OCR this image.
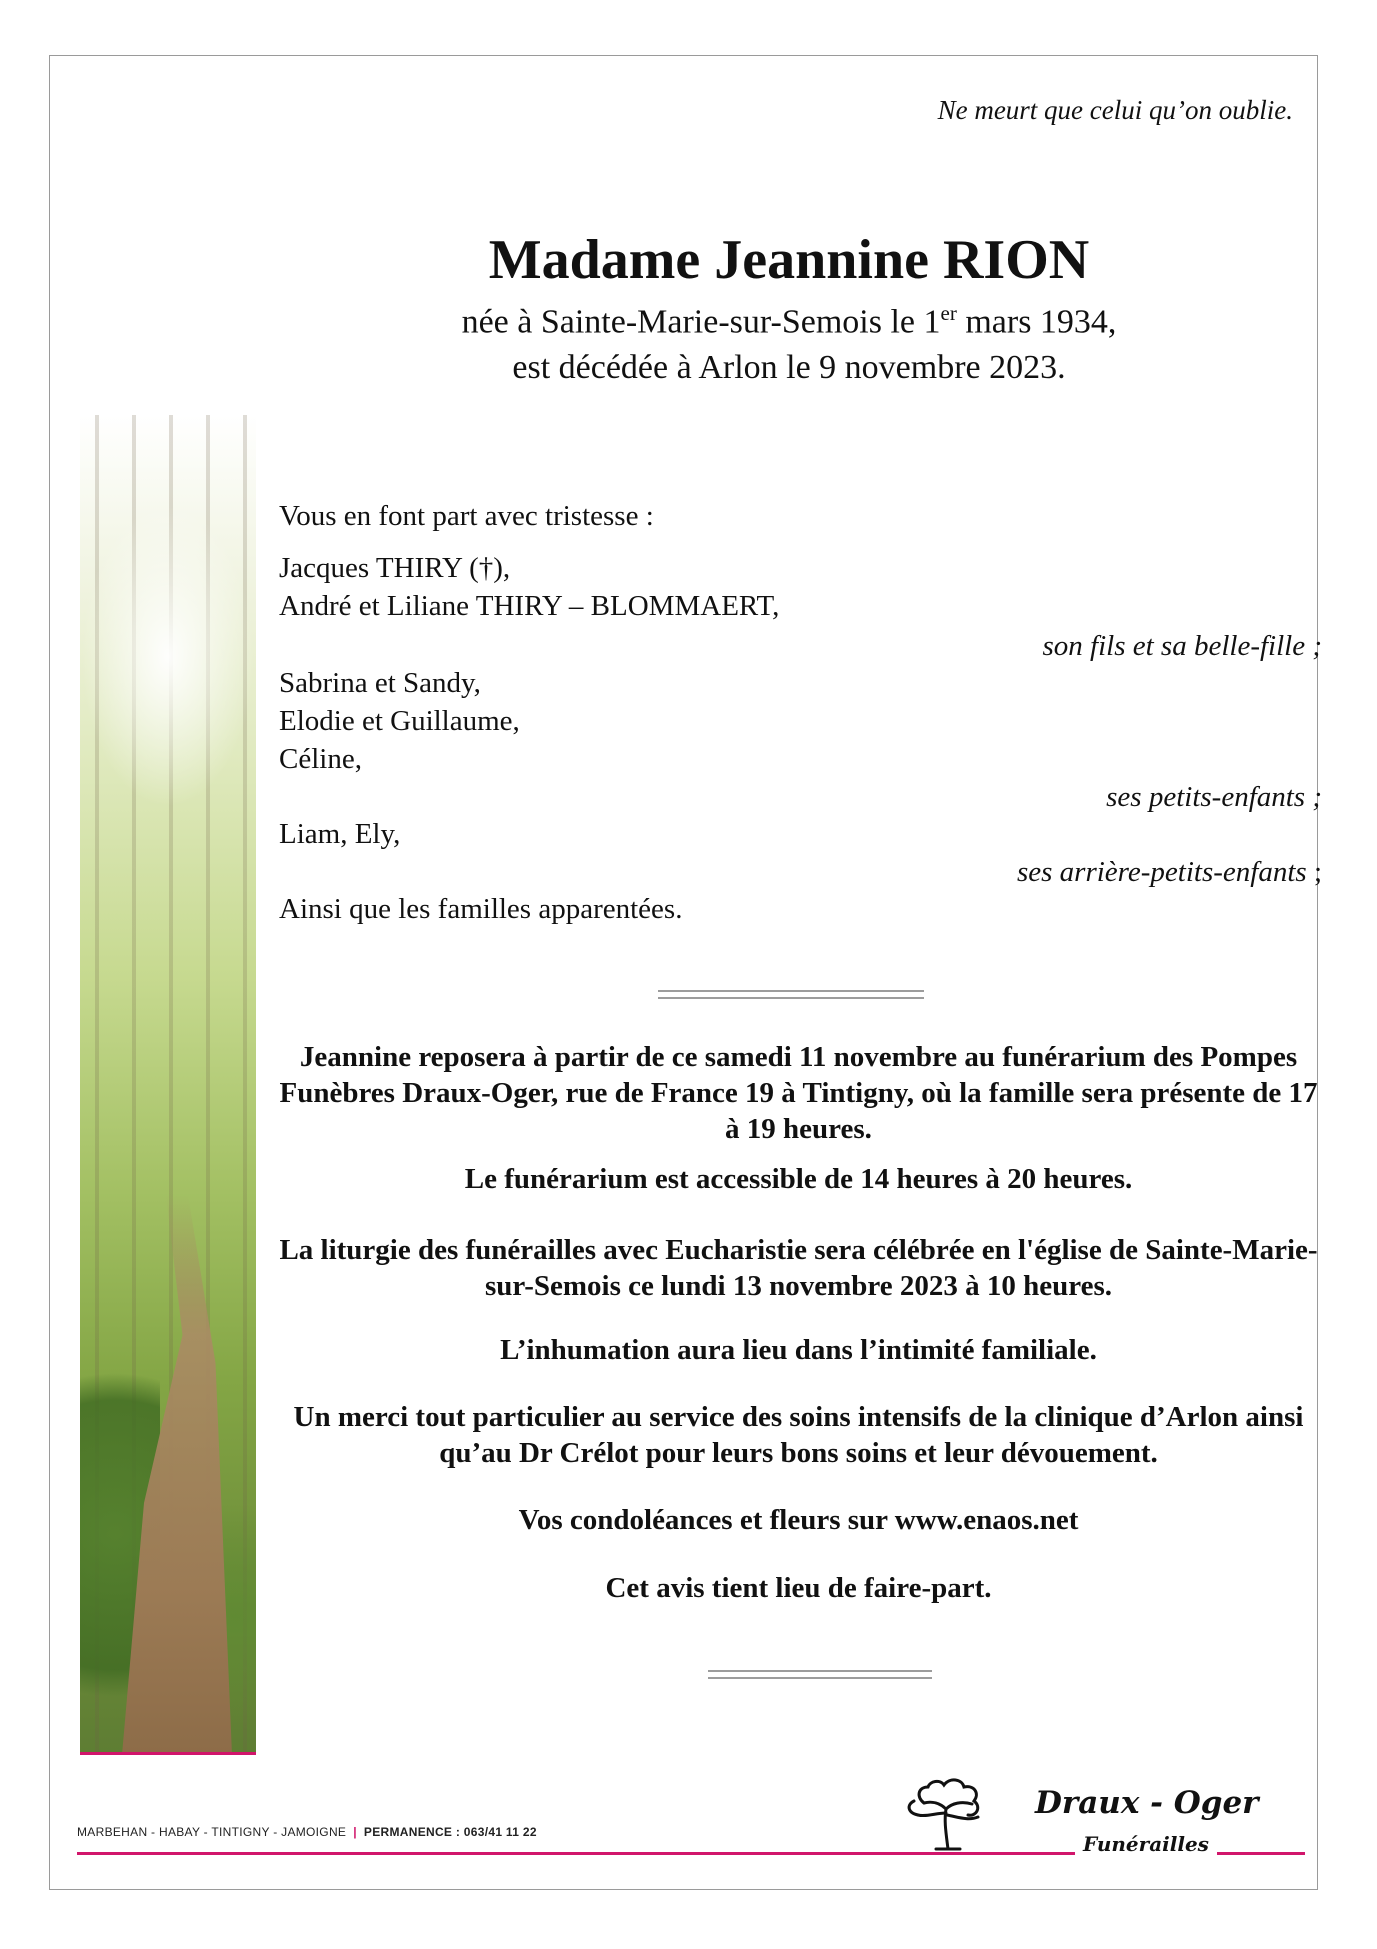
Ne meurt que celui qu’on oublie.
Madame Jeannine RION
née à Sainte-Marie-sur-Semois le 1er mars 1934,
est décédée à Arlon le 9 novembre 2023.
Vous en font part avec tristesse :
Jacques THIRY (†),
André et Liliane THIRY – BLOMMAERT,
son fils et sa belle-fille ;
Sabrina et Sandy,
Elodie et Guillaume,
Céline,
ses petits-enfants ;
Liam, Ely,
ses arrière-petits-enfants ;
Ainsi que les familles apparentées.
Jeannine reposera à partir de ce samedi 11 novembre au funérarium des Pompes Funèbres Draux-Oger, rue de France 19 à Tintigny, où la famille sera présente de 17 à 19 heures.
Le funérarium est accessible de 14 heures à 20 heures.
La liturgie des funérailles avec Eucharistie sera célébrée en l'église de Sainte-Marie-sur-Semois ce lundi 13 novembre 2023 à 10 heures.
L’inhumation aura lieu dans l’intimité familiale.
Un merci tout particulier au service des soins intensifs de la clinique d’Arlon ainsi qu’au Dr Crélot pour leurs bons soins et leur dévouement.
Vos condoléances et fleurs sur www.enaos.net
Cet avis tient lieu de faire-part.
MARBEHAN - HABAY - TINTIGNY - JAMOIGNE | PERMANENCE : 063/41 11 22
Draux - Oger
Funérailles
